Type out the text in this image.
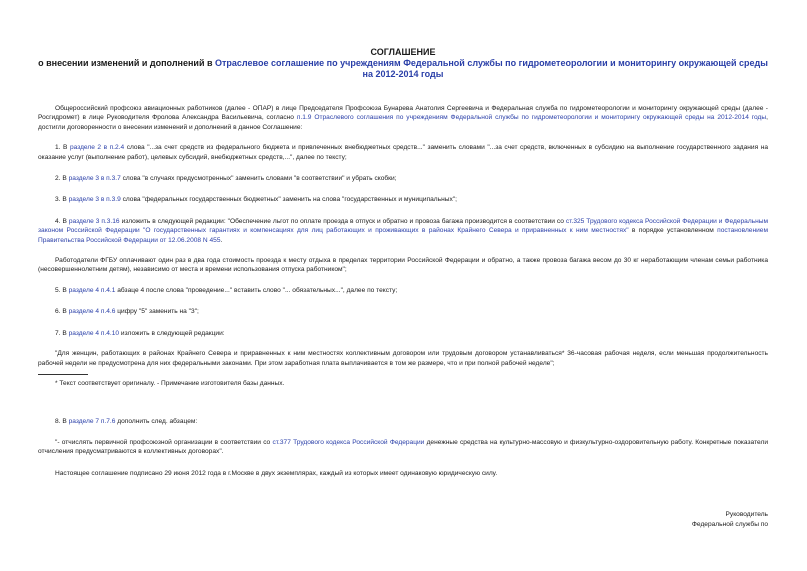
СОГЛАШЕНИЕ
о внесении изменений и дополнений в Отраслевое соглашение по учреждениям Федеральной службы по гидрометеорологии и мониторингу окружающей среды на 2012-2014 годы

Общероссийский профсоюз авиационных работников (далее - ОПАР) в лице Председателя Профсоюза Бунарева Анатолия Сергеевича и Федеральная служба по гидрометеорологии и мониторингу окружающей среды (далее - Росгидромет) в лице Руководителя Фролова Александра Васильевича, согласно п.1.9 Отраслевого соглашения по учреждениям Федеральной службы по гидрометеорологии и мониторингу окружающей среды на 2012-2014 годы, достигли договоренности о внесении изменений и дополнений в данное Соглашение:

1. В разделе 2 в п.2.4 слова "...за счет средств из федерального бюджета и привлеченных внебюджетных средств..." заменить словами "...за счет средств, включенных в субсидию на выполнение государственного задания на оказание услуг (выполнение работ), целевых субсидий, внебюджетных средств,...", далее по тексту;

2. В разделе 3 в п.3.7 слова "в случаях предусмотренных" заменить словами "в соответствии" и убрать скобки;

3. В разделе 3 в п.3.9 слова "федеральных государственных бюджетных" заменить на слова "государственных и муниципальных";

4. В разделе 3 п.3.16 изложить в следующей редакции: "Обеспечение льгот по оплате проезда в отпуск и обратно и провоза багажа производится в соответствии со ст.325 Трудового кодекса Российской Федерации и Федеральным законом Российской Федерации "О государственных гарантиях и компенсациях для лиц работающих и проживающих в районах Крайнего Севера и приравненных к ним местностях" в порядке установленном постановлением Правительства Российской Федерации от 12.06.2008 N 455.

Работодатели ФГБУ оплачивают один раз в два года стоимость проезда к месту отдыха в пределах территории Российской Федерации и обратно, а также провоза багажа весом до 30 кг неработающим членам семьи работника (несовершеннолетним детям), независимо от места и времени использования отпуска работником";

5. В разделе 4 п.4.1 абзаце 4 после слова "проведение..." вставить слово "... обязательных...", далее по тексту;

6. В разделе 4 п.4.6 цифру "5" заменить на "3";

7. В разделе 4 п.4.10 изложить в следующей редакции:

"Для женщин, работающих в районах Крайнего Севера и приравненных к ним местностях коллективным договором или трудовым договором устанавливаться* 36-часовая рабочая неделя, если меньшая продолжительность рабочей недели не предусмотрена для них федеральными законами. При этом заработная плата выплачивается в том же размере, что и при полной рабочей неделе";

* Текст соответствует оригиналу. - Примечание изготовителя базы данных.

8. В разделе 7 п.7.6 дополнить след. абзацем:

"- отчислять первичной профсоюзной организации в соответствии со ст.377 Трудового кодекса Российской Федерации денежные средства на культурно-массовую и физкультурно-оздоровительную работу. Конкретные показатели отчисления предусматриваются в коллективных договорах".

Настоящее соглашение подписано 29 июня 2012 года в г.Москве в двух экземплярах, каждый из которых имеет одинаковую юридическую силу.

Руководитель
Федеральной службы по
